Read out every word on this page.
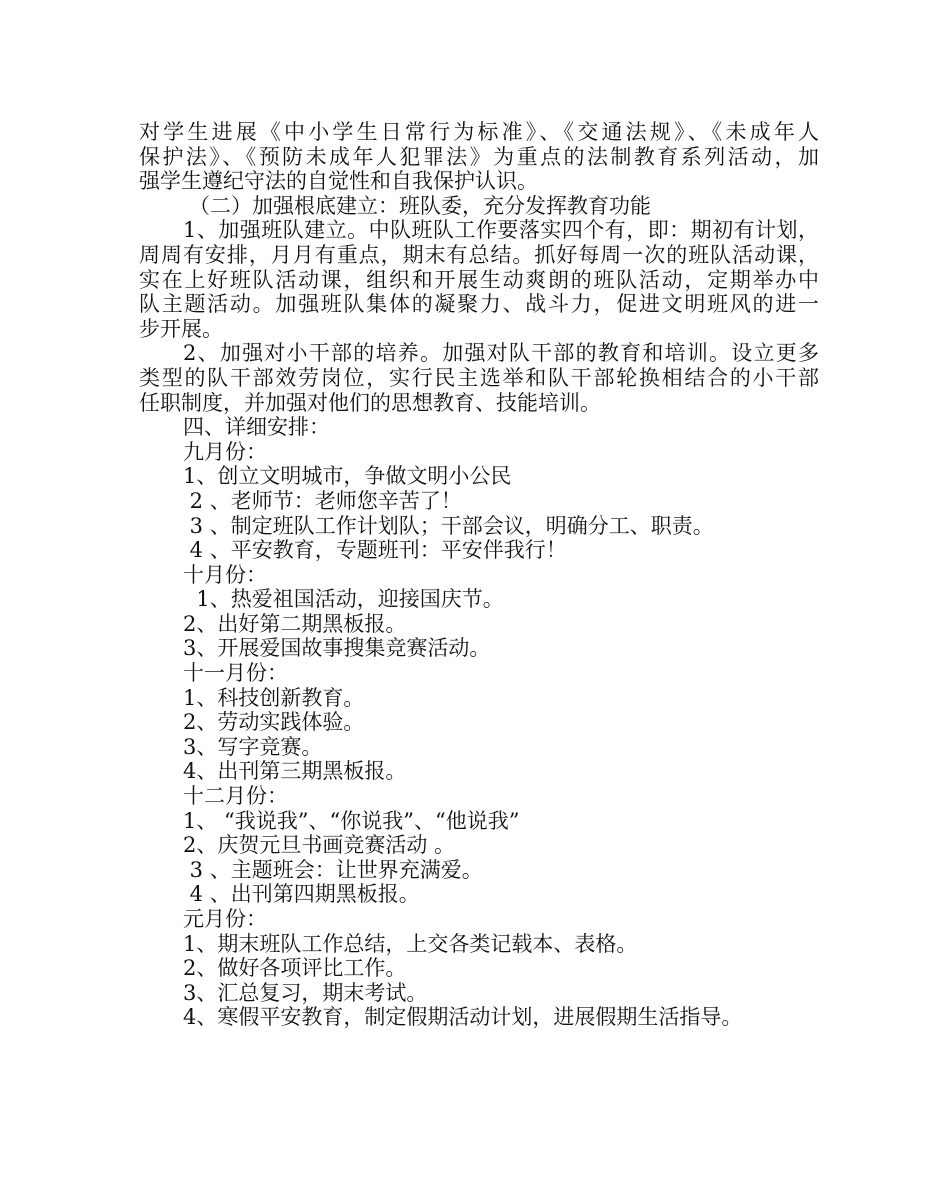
对学生进展《中小学生日常行为标准》、《交通法规》、《未成年人
保护法》、《预防未成年人犯罪法》为重点的法制教育系列活动，加
强学生遵纪守法的自觉性和自我保护认识。
（二）加强根底建立：班队委，充分发挥教育功能
1、加强班队建立。中队班队工作要落实四个有，即：期初有计划，
周周有安排，月月有重点，期末有总结。抓好每周一次的班队活动课，
实在上好班队活动课，组织和开展生动爽朗的班队活动，定期举办中
队主题活动。加强班队集体的凝聚力、战斗力，促进文明班风的进一
步开展。
2、加强对小干部的培养。加强对队干部的教育和培训。设立更多
类型的队干部效劳岗位，实行民主选举和队干部轮换相结合的小干部
任职制度，并加强对他们的思想教育、技能培训。
四、详细安排：
九月份：
1、创立文明城市，争做文明小公民
2 、老师节：老师您辛苦了！
3 、制定班队工作计划队；干部会议，明确分工、职责。
4 、平安教育，专题班刊：平安伴我行！
十月份：
1、热爱祖国活动，迎接国庆节。
2、出好第二期黑板报。
3、开展爱国故事搜集竞赛活动。
十一月份：
1、科技创新教育。
2、劳动实践体验。
3、写字竞赛。
4、出刊第三期黑板报。
十二月份：
1、 “我说我”、“你说我”、“他说我”
2、庆贺元旦书画竞赛活动 。
3 、主题班会：让世界充满爱。
4 、出刊第四期黑板报。
元月份：
1、期末班队工作总结，上交各类记载本、表格。
2、做好各项评比工作。
3、汇总复习，期末考试。
4、寒假平安教育，制定假期活动计划，进展假期生活指导。
